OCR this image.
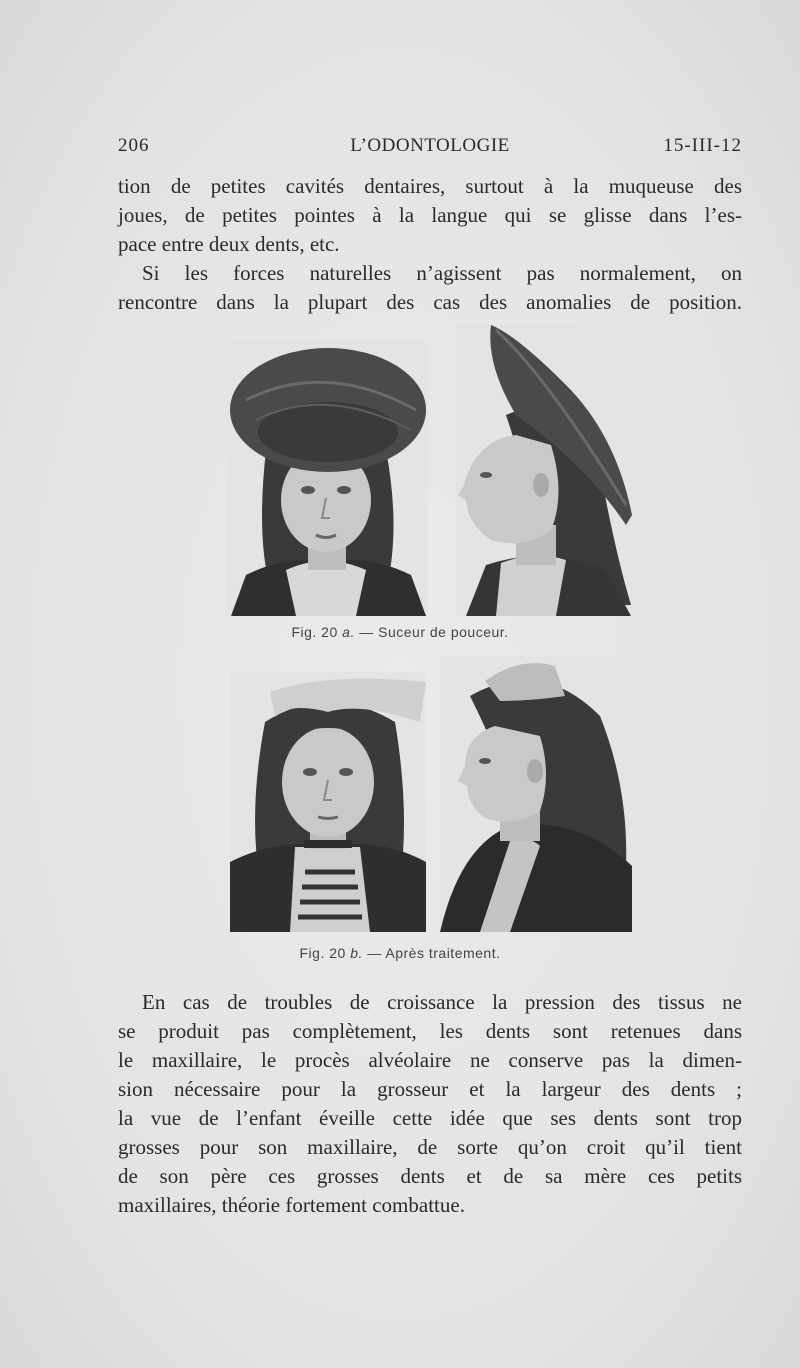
206	L’ODONTOLOGIE	15-III-12
tion de petites cavités dentaires, surtout à la muqueuse des
joues, de petites pointes à la langue qui se glisse dans l’es-
pace entre deux dents, etc.
Si les forces naturelles n’agissent pas normalement, on
rencontre dans la plupart des cas des anomalies de position.
Fig. 20 a. — Suceur de pouceur.
Fig. 20 b. — Après traitement.
En cas de troubles de croissance la pression des tissus ne
se produit pas complètement, les dents sont retenues dans
le maxillaire, le procès alvéolaire ne conserve pas la dimen-
sion nécessaire pour la grosseur et la largeur des dents ;
la vue de l’enfant éveille cette idée que ses dents sont trop
grosses pour son maxillaire, de sorte qu’on croit qu’il tient
de son père ces grosses dents et de sa mère ces petits
maxillaires, théorie fortement combattue.
